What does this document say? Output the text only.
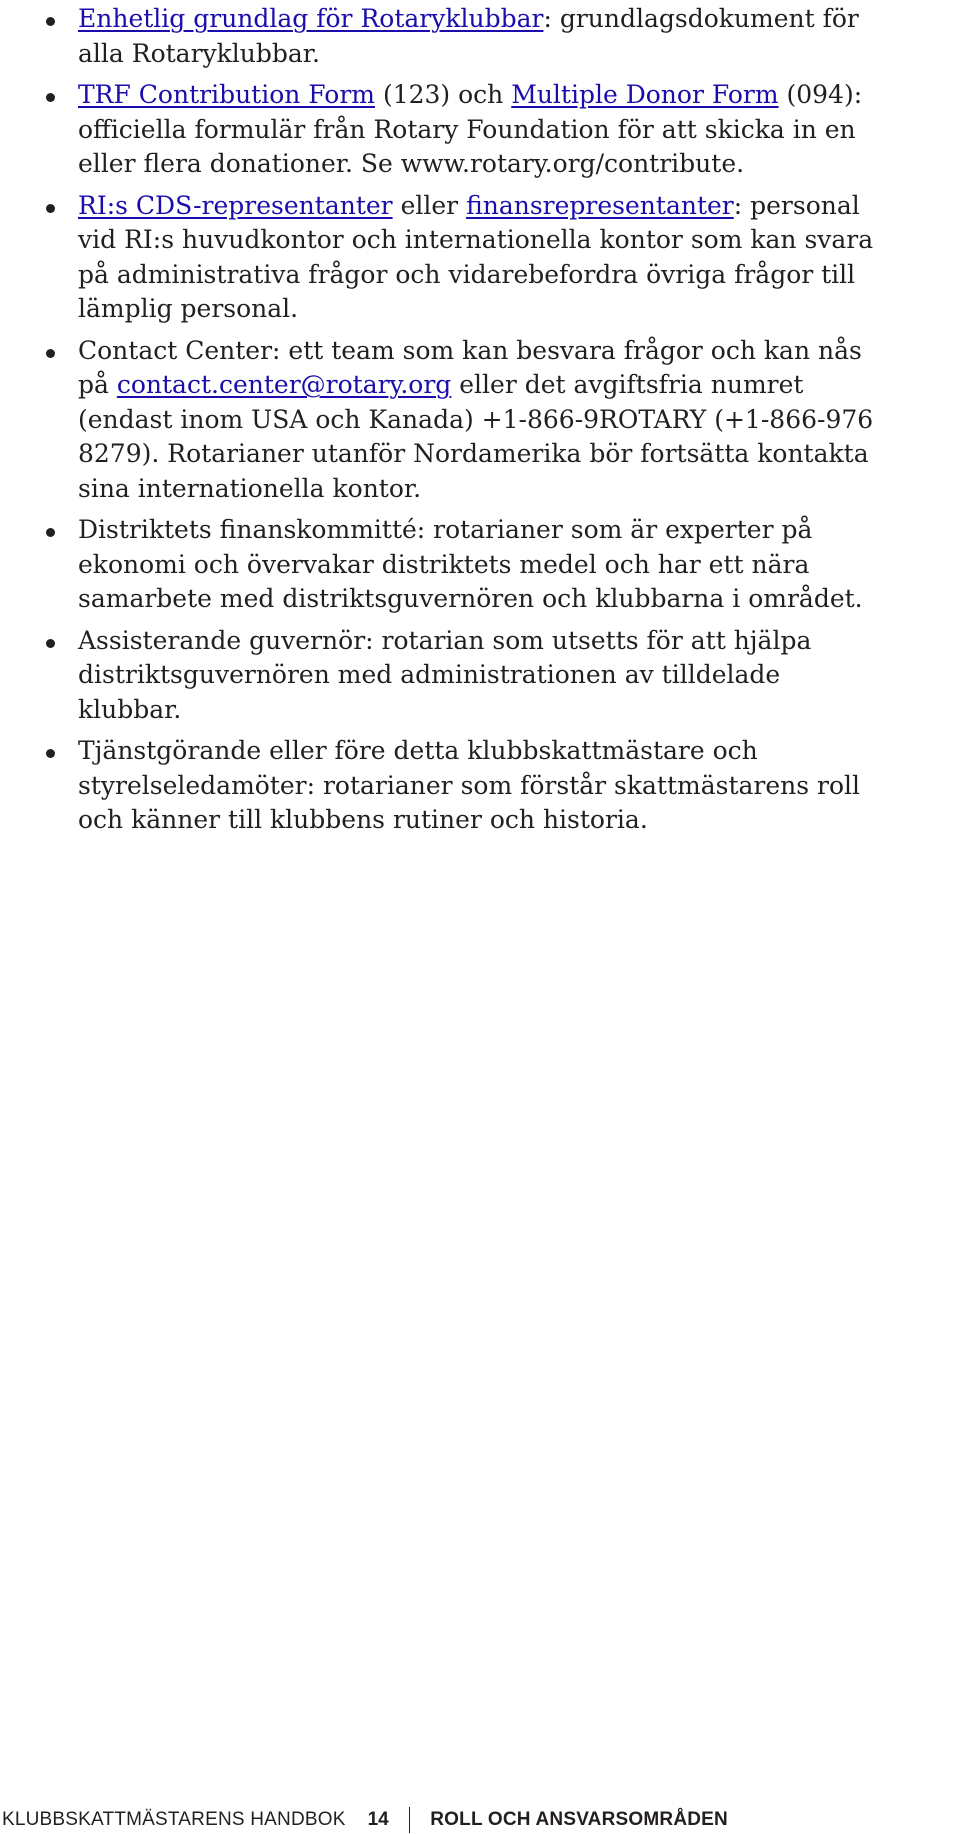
Enhetlig grundlag för Rotaryklubbar: grundlagsdokument för alla Rotaryklubbar.
TRF Contribution Form (123) och Multiple Donor Form (094): officiella formulär från Rotary Foundation för att skicka in en eller flera donationer. Se www.rotary.org/contribute.
RI:s CDS-representanter eller finansrepresentanter: personal vid RI:s huvudkontor och internationella kontor som kan svara på administrativa frågor och vidarebefordra övriga frågor till lämplig personal.
Contact Center: ett team som kan besvara frågor och kan nås på contact.center@rotary.org eller det avgiftsfria numret (endast inom USA och Kanada) +1-866-9ROTARY (+1-866-976 8279). Rotarianer utanför Nordamerika bör fortsätta kontakta sina internationella kontor.
Distriktets finanskommitté: rotarianer som är experter på ekonomi och övervakar distriktets medel och har ett nära samarbete med distriktsguvernören och klubbarna i området.
Assisterande guvernör: rotarian som utsetts för att hjälpa distriktsguvernören med administrationen av tilldelade klubbar.
Tjänstgörande eller före detta klubbskattmästare och styrelseledamöter: rotarianer som förstår skattmästarens roll och känner till klubbens rutiner och historia.
KLUBBSKATTMÄSTARENS HANDBOK 14 ROLL OCH ANSVARSOMRÅDEN
